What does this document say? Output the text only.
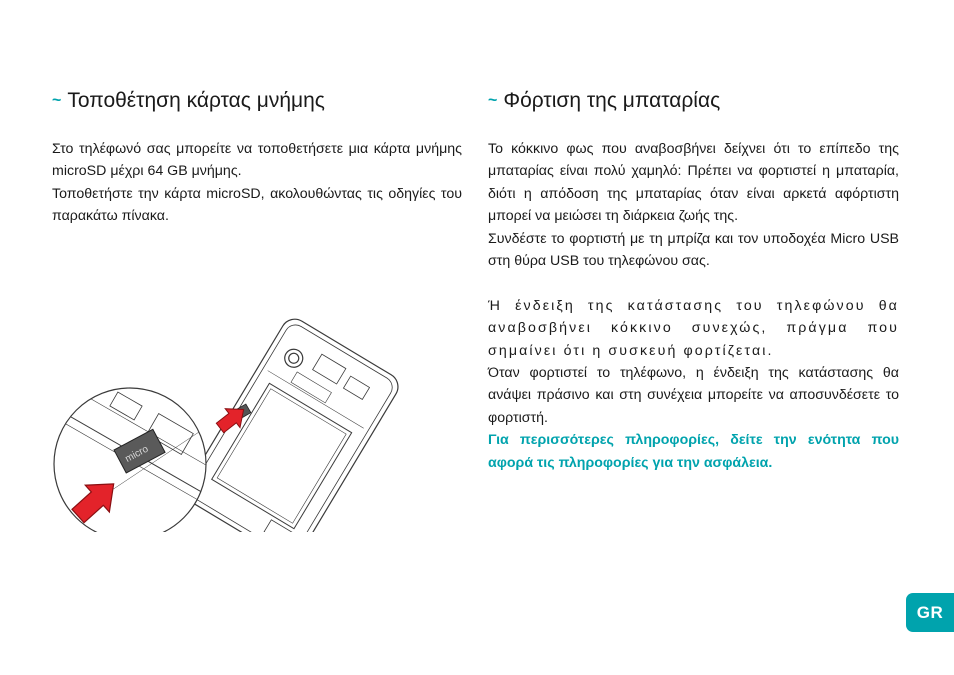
~ Τοποθέτηση κάρτας μνήμης

Στο τηλέφωνό σας μπορείτε να τοποθετήσετε μια κάρτα μνήμης microSD μέχρι 64 GB μνήμης.

Τοποθετήστε την κάρτα microSD, ακολουθώντας τις οδηγίες του παρακάτω πίνακα.

micro
~ Φόρτιση της μπαταρίας

Το κόκκινο φως που αναβοσβήνει δείχνει ότι το επίπεδο της μπαταρίας είναι πολύ χαμηλό: Πρέπει να φορτιστεί η μπαταρία, διότι η απόδοση της μπαταρίας όταν είναι αρκετά αφόρτιστη μπορεί να μειώσει τη διάρκεια ζωής της.

Συνδέστε το φορτιστή με τη μπρίζα και τον υποδοχέα Micro USB στη θύρα USB του τηλεφώνου σας.

Ή ένδειξη της κατάστασης του τηλεφώνου θα αναβοσβήνει κόκκινο συνεχώς, πράγμα που σημαίνει ότι η συσκευή φορτίζεται.

Όταν φορτιστεί το τηλέφωνο, η ένδειξη της κατάστασης θα ανάψει πράσινο και στη συνέχεια μπορείτε να αποσυνδέσετε το φορτιστή.

Για περισσότερες πληροφορίες, δείτε την ενότητα που αφορά τις πληροφορίες για την ασφάλεια.

GR
